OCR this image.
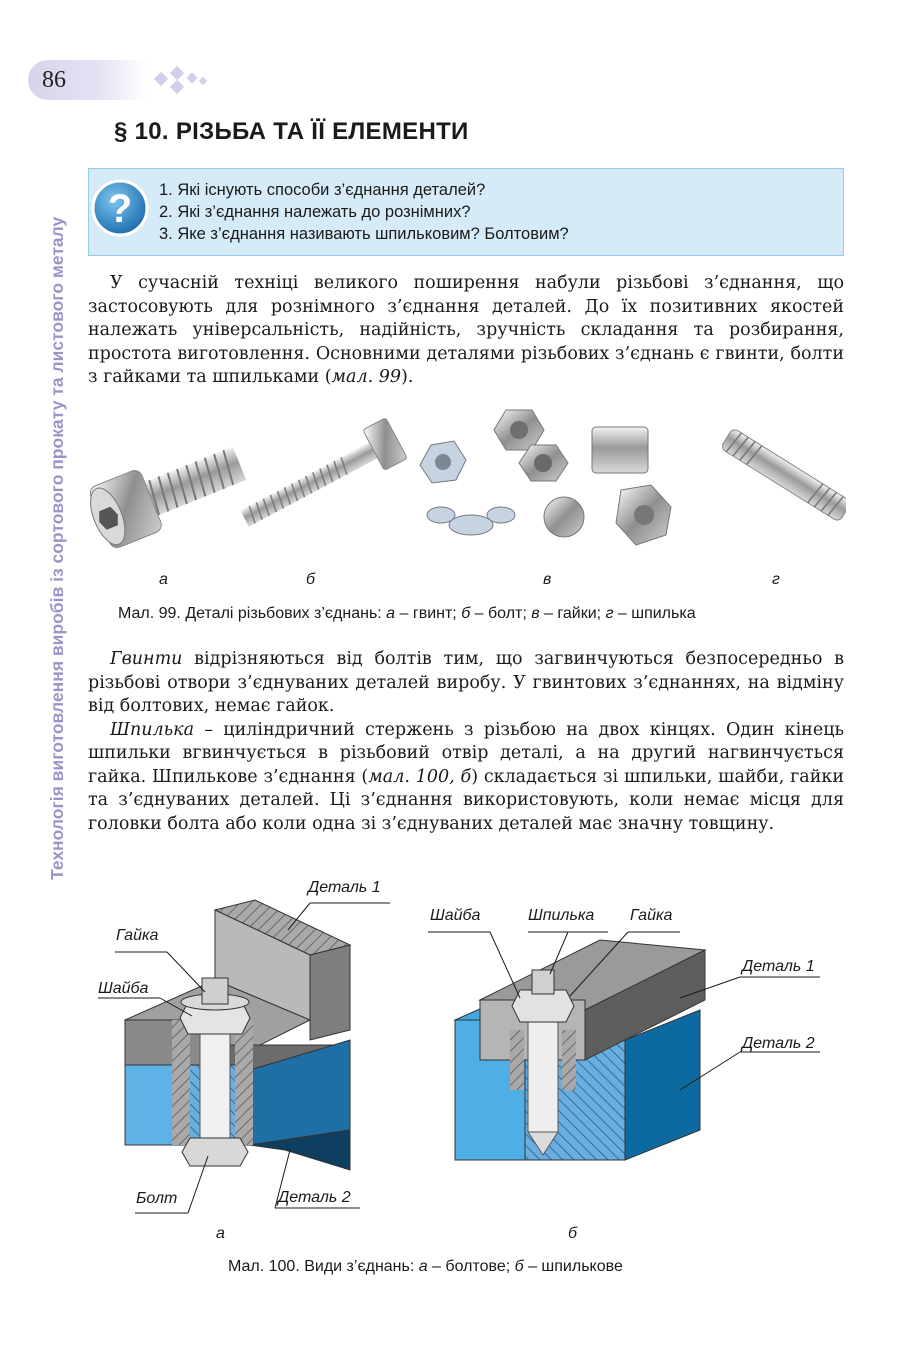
86
Технологія виготовлення виробів із сортового прокату та листового металу
§ 10. РІЗЬБА ТА ЇЇ ЕЛЕМЕНТИ
? 1. Які існують способи з’єднання деталей?
2. Які з’єднання належать до рознімних?
3. Яке з’єднання називають шпильковим? Болтовим?

У сучасній техніці великого поширення набули різьбові з’єднання, що застосовують для рознімного з’єднання деталей. До їх позитивних якостей належать універсальність, надійність, зручність складання та розбирання, простота виготовлення. Основними деталями різьбових з’єднань є гвинти, болти з гайками та шпильками (мал. 99).

а	б	в	г
Мал. 99. Деталі різьбових з’єднань: а – гвинт; б – болт; в – гайки; г – шпилька

Гвинти відрізняються від болтів тим, що загвинчуються безпосередньо в різьбові отвори з’єднуваних деталей виробу. У гвинтових з’єднаннях, на відміну від болтових, немає гайок.

Шпилька – циліндричний стержень з різьбою на двох кінцях. Один кінець шпильки вгвинчується в різьбовий отвір деталі, а на другий нагвинчується гайка. Шпилькове з’єднання (мал. 100, б) складається зі шпильки, шайби, гайки та з’єднуваних деталей. Ці з’єднання використовують, коли немає місця для головки болта або коли одна зі з’єднуваних деталей має значну товщину.

Деталь 1
Гайка
Шайба
Болт	Деталь 2
Шайба	Шпилька Гайка
Деталь 1
Деталь 2
а	б
Мал. 100. Види з’єднань: а – болтове; б – шпилькове
